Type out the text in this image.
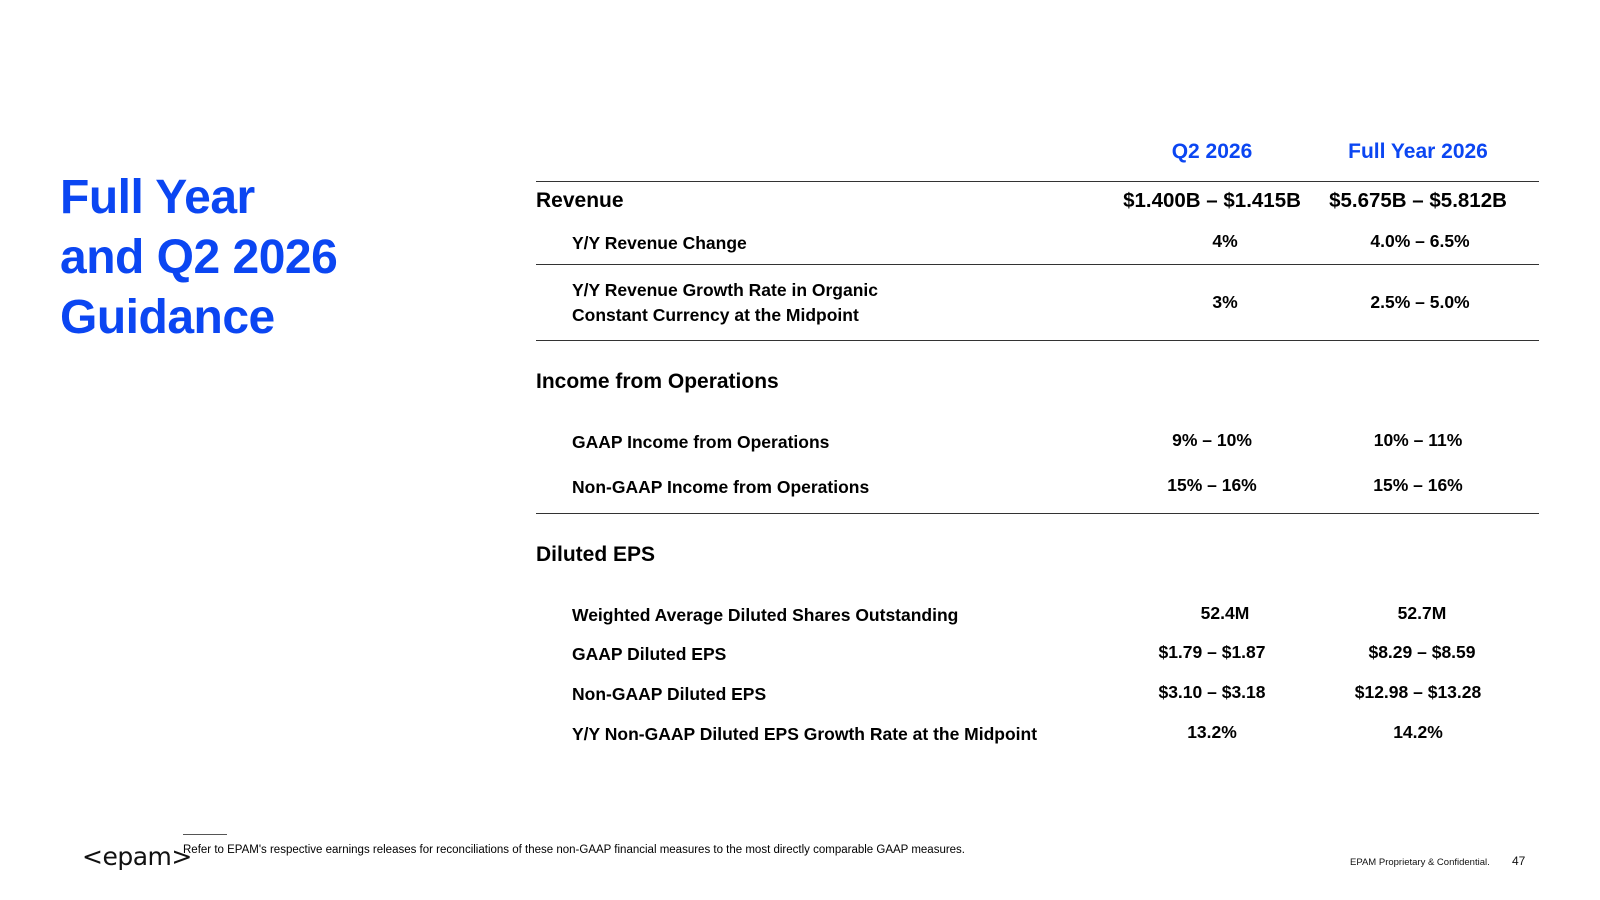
Full Year
and Q2 2026
Guidance
Q2 2026	Full Year 2026
Revenue	$1.400B – $1.415B	$5.675B – $5.812B
Y/Y Revenue Change	4%	4.0% – 6.5%
Y/Y Revenue Growth Rate in Organic
Constant Currency at the Midpoint
3%	2.5% – 5.0%
Income from Operations
GAAP Income from Operations	9% – 10%	10% – 11%
Non-GAAP Income from Operations	15% – 16%	15% – 16%
Diluted EPS
Weighted Average Diluted Shares Outstanding	52.4M	52.7M
GAAP Diluted EPS	$1.79 – $1.87	$8.29 – $8.59
Non-GAAP Diluted EPS	$3.10 – $3.18	$12.98 – $13.28
Y/Y Non-GAAP Diluted EPS Growth Rate at the Midpoint	13.2%	14.2%
<epam>
Refer to EPAM's respective earnings releases for reconciliations of these non-GAAP financial measures to the most directly comparable GAAP measures.
EPAM Proprietary & Confidential. 47
